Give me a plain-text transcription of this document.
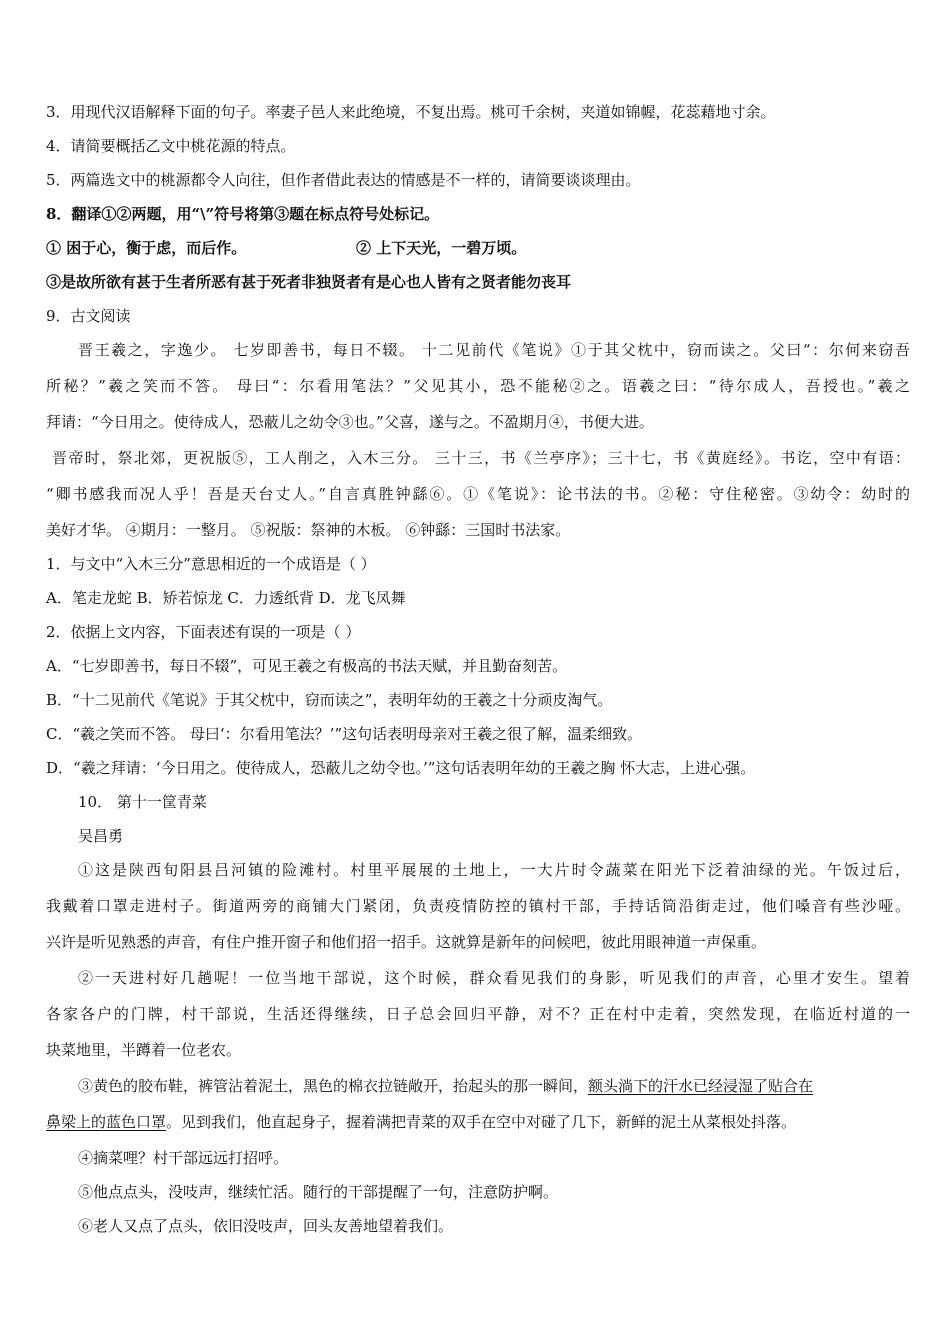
3．用现代汉语解释下面的句子。率妻子邑人来此绝境，不复出焉。桃可千余树，夹道如锦幄，花蕊藉地寸余。
4．请简要概括乙文中桃花源的特点。
5．两篇选文中的桃源都令人向往，但作者借此表达的情感是不一样的，请简要谈谈理由。
8．翻译①②两题，用“\”符号将第③题在标点符号处标记。
① 困于心，衡于虑，而后作。	② 上下天光，一碧万顷。
③是故所欲有甚于生者所恶有甚于死者非独贤者有是心也人皆有之贤者能勿丧耳
9．古文阅读
晋王羲之，字逸少。 七岁即善书，每日不辍。 十二见前代《笔说》①于其父枕中，窃而读之。父曰“：尔何来窃吾
所秘？”羲之笑而不答。 母曰“：尔看用笔法？”父见其小，恐不能秘②之。语羲之曰：“待尔成人，吾授也。”羲之
拜请：“今日用之。使待成人，恐蔽儿之幼令③也。”父喜，遂与之。不盈期月④，书便大进。
晋帝时，祭北郊，更祝版⑤，工人削之，入木三分。 三十三，书《兰亭序》；三十七，书《黄庭经》。书讫，空中有语：
“卿书感我而况人乎！吾是天台丈人。”自言真胜钟繇⑥。①《笔说》：论书法的书。②秘：守住秘密。③幼令：幼时的
美好才华。 ④期月：一整月。 ⑤祝版：祭神的木板。 ⑥钟繇：三国时书法家。
1．与文中“入木三分”意思相近的一个成语是（ ）
A．笔走龙蛇 B．矫若惊龙 C．力透纸背 D．龙飞凤舞
2．依据上文内容，下面表述有误的一项是（ ）
A．“七岁即善书，每日不辍”，可见王羲之有极高的书法天赋，并且勤奋刻苦。
B．“十二见前代《笔说》于其父枕中，窃而读之”，表明年幼的王羲之十分顽皮淘气。
C．“羲之笑而不答。 母曰‘：尔看用笔法？’”这句话表明母亲对王羲之很了解，温柔细致。
D．“羲之拜请：‘今日用之。使待成人，恐蔽儿之幼令也。’”这句话表明年幼的王羲之胸 怀大志，上进心强。
10． 第十一筐青菜
吴昌勇
①这是陕西旬阳县吕河镇的险滩村。村里平展展的土地上，一大片时令蔬菜在阳光下泛着油绿的光。午饭过后，
我戴着口罩走进村子。街道两旁的商铺大门紧闭，负责疫情防控的镇村干部，手持话筒沿街走过，他们嗓音有些沙哑。
兴许是听见熟悉的声音，有住户推开窗子和他们招一招手。这就算是新年的问候吧，彼此用眼神道一声保重。
②一天进村好几趟呢！一位当地干部说，这个时候，群众看见我们的身影，听见我们的声音，心里才安生。望着
各家各户的门牌，村干部说，生活还得继续，日子总会回归平静，对不？正在村中走着，突然发现，在临近村道的一
块菜地里，半蹲着一位老农。
③黄色的胶布鞋，裤管沾着泥土，黑色的棉衣拉链敞开，抬起头的那一瞬间，额头淌下的汗水已经浸湿了贴合在
鼻梁上的蓝色口罩。见到我们，他直起身子，握着满把青菜的双手在空中对碰了几下，新鲜的泥土从菜根处抖落。
④摘菜哩？村干部远远打招呼。
⑤他点点头，没吱声，继续忙活。随行的干部提醒了一句，注意防护啊。
⑥老人又点了点头，依旧没吱声，回头友善地望着我们。
